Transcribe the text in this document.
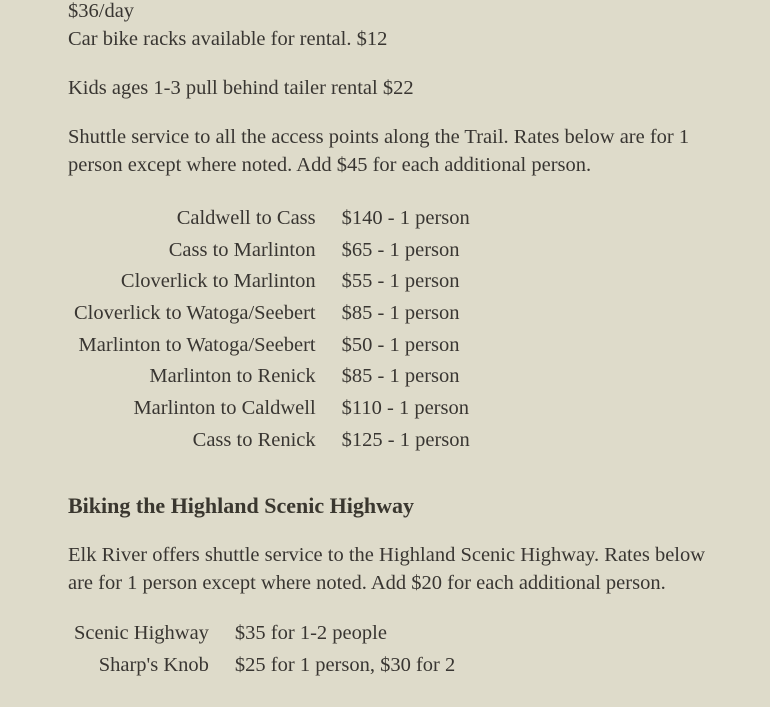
$36/day

Car bike racks available for rental. $12

Kids ages 1-3 pull behind tailer rental $22

Shuttle service to all the access points along the Trail. Rates below are for 1 person except where noted. Add $45 for each additional person.

Caldwell to Cass	$140 - 1 person
Cass to Marlinton	$65 - 1 person
Cloverlick to Marlinton	$55 - 1 person
Cloverlick to Watoga/Seebert	$85 - 1 person
Marlinton to Watoga/Seebert	$50 - 1 person
Marlinton to Renick	$85 - 1 person
Marlinton to Caldwell	$110 - 1 person
Cass to Renick	$125 - 1 person
Biking the Highland Scenic Highway

Elk River offers shuttle service to the Highland Scenic Highway. Rates below are for 1 person except where noted. Add $20 for each additional person.

Scenic Highway	$35 for 1-2 people
Sharp's Knob	$25 for 1 person, $30 for 2
